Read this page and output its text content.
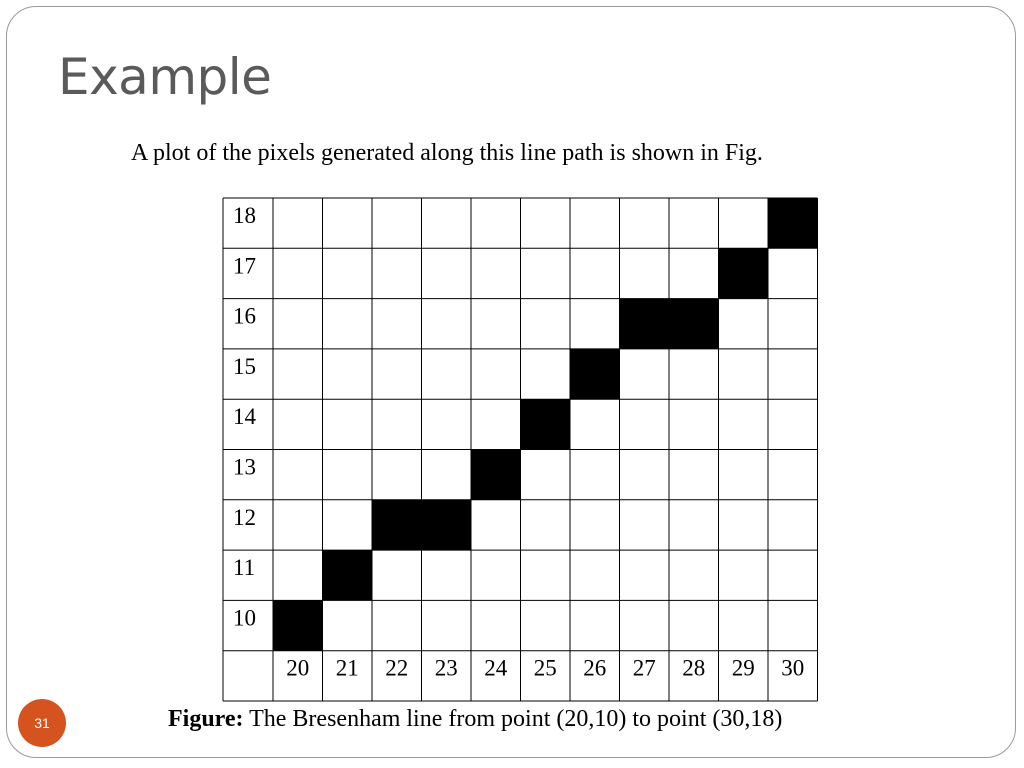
Example
A plot of the pixels generated along this line path is shown in Fig.
18
17
16
15
14
13
12
11
10
20 21 22 23 24 25 26 27 28 29 30
Figure: The Bresenham line from point (20,10) to point (30,18)
31
